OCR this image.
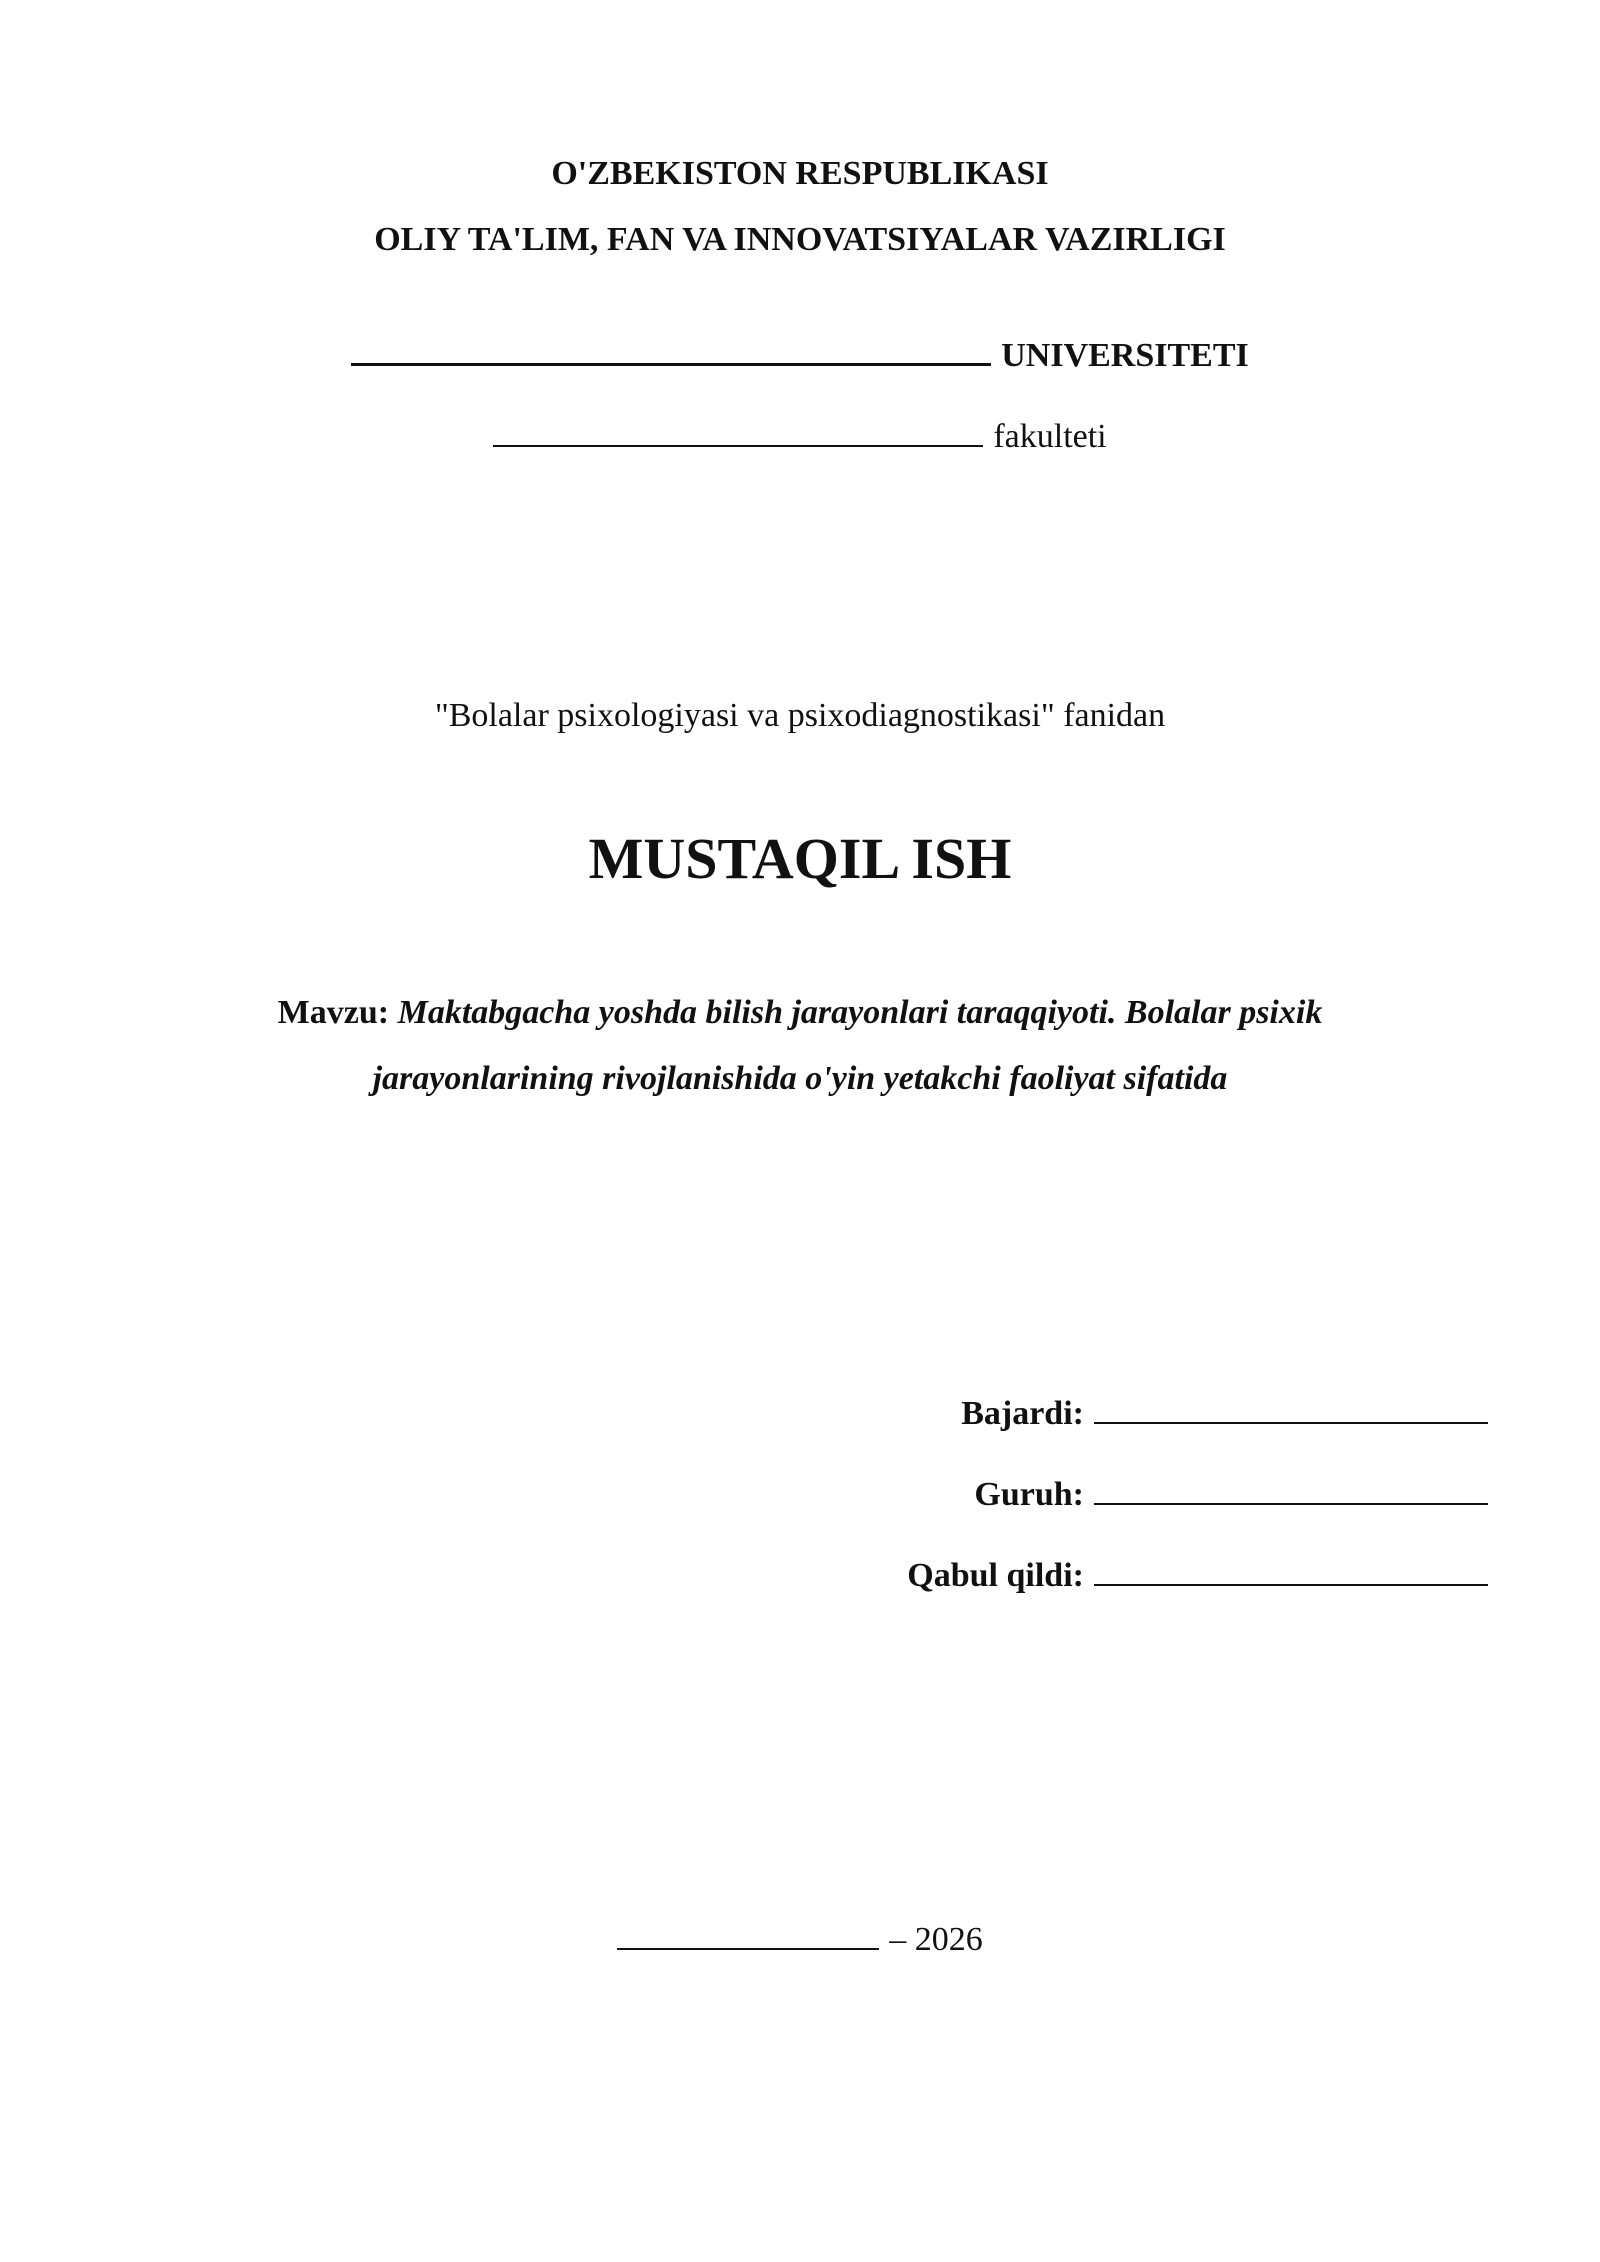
O'ZBEKISTON RESPUBLIKASI
OLIY TA'LIM, FAN VA INNOVATSIYALAR VAZIRLIGI
UNIVERSITETI
fakulteti
"Bolalar psixologiyasi va psixodiagnostikasi" fanidan
MUSTAQIL ISH
Mavzu: Maktabgacha yoshda bilish jarayonlari taraqqiyoti. Bolalar psixik jarayonlarining rivojlanishida o'yin yetakchi faoliyat sifatida
Bajardi:
Guruh:
Qabul qildi:
– 2026
